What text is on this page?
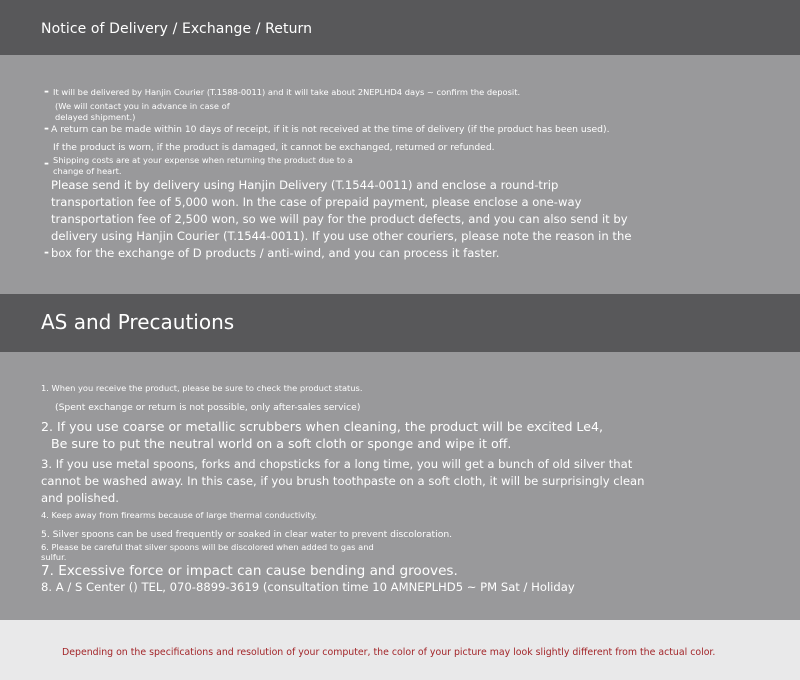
Notice of Delivery / Exchange / Return
- It will be delivered by Hanjin Courier (T.1588-0011) and it will take about 2NEPLHD4 days ~ confirm the deposit.
(We will contact you in advance in case of
delayed shipment.)
- A return can be made within 10 days of receipt, if it is not received at the time of delivery (if the product has been used).
If the product is worn, if the product is damaged, it cannot be exchanged, returned or refunded.
- Shipping costs are at your expense when returning the product due to a
change of heart.
Please send it by delivery using Hanjin Delivery (T.1544-0011) and enclose a round-trip
transportation fee of 5,000 won. In the case of prepaid payment, please enclose a one-way
transportation fee of 2,500 won, so we will pay for the product defects, and you can also send it by
delivery using Hanjin Courier (T.1544-0011). If you use other couriers, please note the reason in the
- box for the exchange of D products / anti-wind, and you can process it faster.
AS and Precautions
1. When you receive the product, please be sure to check the product status.
(Spent exchange or return is not possible, only after-sales service)
2. If you use coarse or metallic scrubbers when cleaning, the product will be excited Le4,
Be sure to put the neutral world on a soft cloth or sponge and wipe it off.
3. If you use metal spoons, forks and chopsticks for a long time, you will get a bunch of old silver that
cannot be washed away. In this case, if you brush toothpaste on a soft cloth, it will be surprisingly clean
and polished.
4. Keep away from firearms because of large thermal conductivity.
5. Silver spoons can be used frequently or soaked in clear water to prevent discoloration.
6. Please be careful that silver spoons will be discolored when added to gas and
sulfur.
7. Excessive force or impact can cause bending and grooves.
8. A / S Center () TEL, 070-8899-3619 (consultation time 10 AMNEPLHD5 ~ PM Sat / Holiday
Depending on the specifications and resolution of your computer, the color of your picture may look slightly different from the actual color.
